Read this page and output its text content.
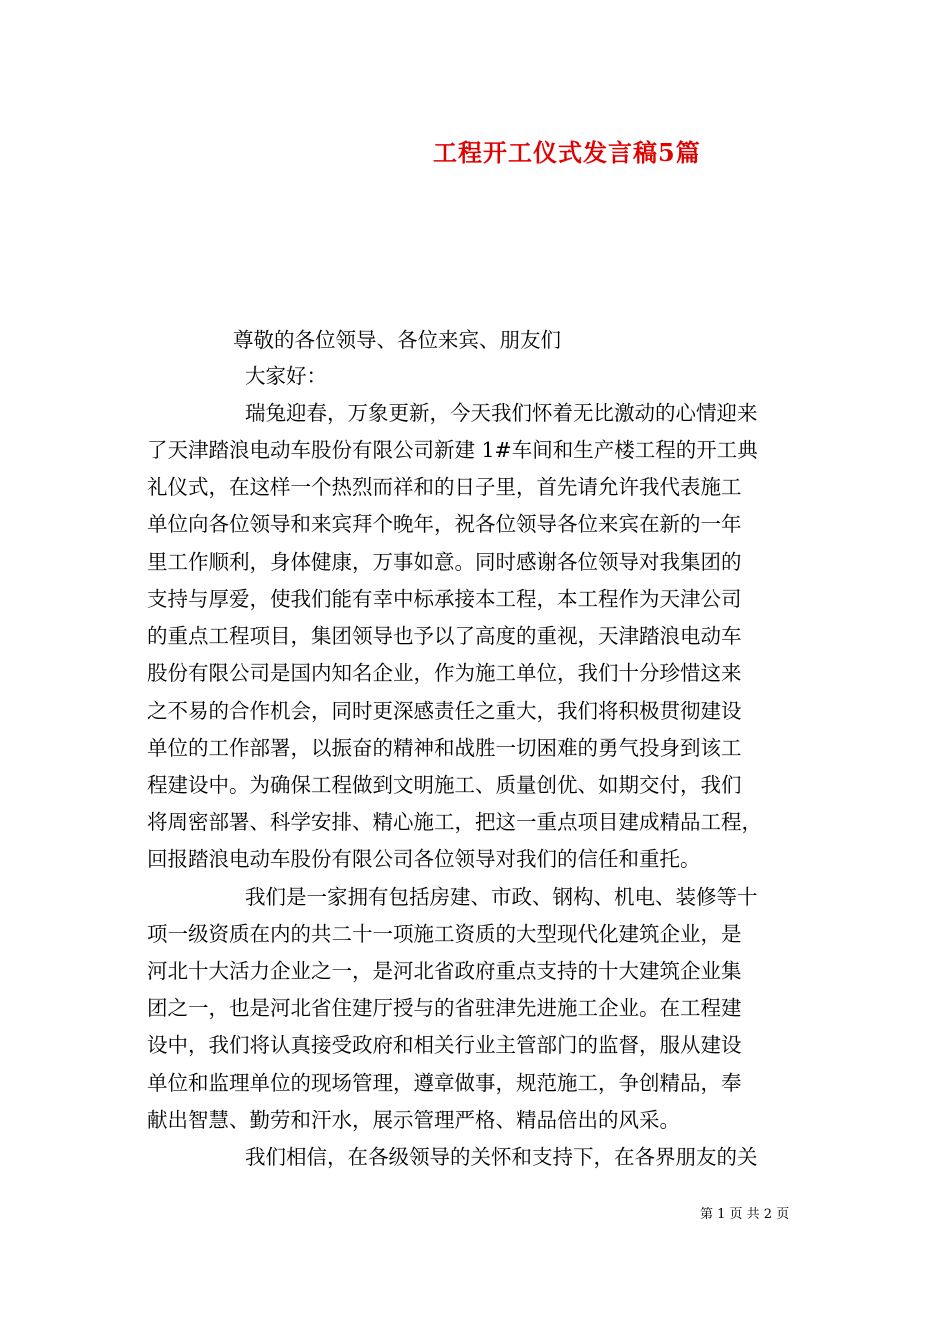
工程开工仪式发言稿5篇

尊敬的各位领导、各位来宾、朋友们

大家好：

瑞兔迎春，万象更新，今天我们怀着无比激动的心情迎来

了天津踏浪电动车股份有限公司新建 1#车间和生产楼工程的开工典

礼仪式，在这样一个热烈而祥和的日子里，首先请允许我代表施工

单位向各位领导和来宾拜个晚年，祝各位领导各位来宾在新的一年

里工作顺利，身体健康，万事如意。同时感谢各位领导对我集团的

支持与厚爱，使我们能有幸中标承接本工程，本工程作为天津公司

的重点工程项目，集团领导也予以了高度的重视，天津踏浪电动车

股份有限公司是国内知名企业，作为施工单位，我们十分珍惜这来

之不易的合作机会，同时更深感责任之重大，我们将积极贯彻建设

单位的工作部署，以振奋的精神和战胜一切困难的勇气投身到该工

程建设中。为确保工程做到文明施工、质量创优、如期交付，我们

将周密部署、科学安排、精心施工，把这一重点项目建成精品工程，

回报踏浪电动车股份有限公司各位领导对我们的信任和重托。

我们是一家拥有包括房建、市政、钢构、机电、装修等十

项一级资质在内的共二十一项施工资质的大型现代化建筑企业，是

河北十大活力企业之一，是河北省政府重点支持的十大建筑企业集

团之一，也是河北省住建厅授与的省驻津先进施工企业。在工程建

设中，我们将认真接受政府和相关行业主管部门的监督，服从建设

单位和监理单位的现场管理，遵章做事，规范施工，争创精品，奉

献出智慧、勤劳和汗水，展示管理严格、精品倍出的风采。

我们相信，在各级领导的关怀和支持下，在各界朋友的关

第 1 页 共 2 页
